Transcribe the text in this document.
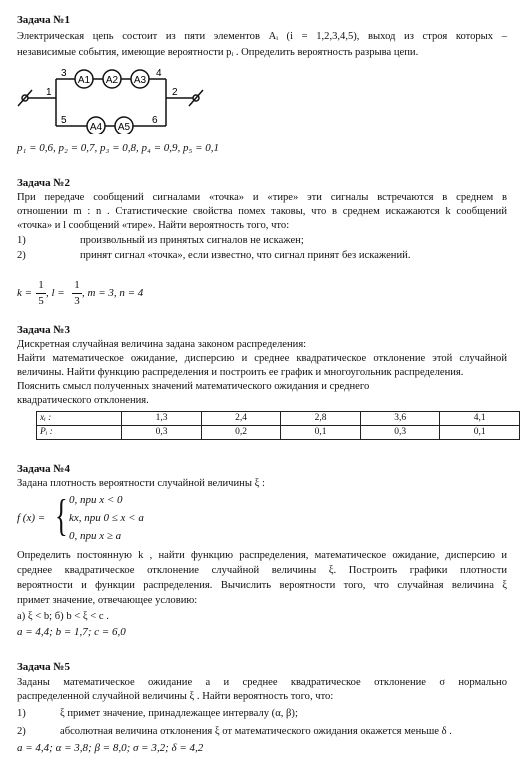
Задача №1
Электрическая цепь состоит из пяти элементов Aᵢ (i = 1,2,3,4,5), выход из строя которых –
независимые события, имеющие вероятности pᵢ . Определить вероятность разрыва цепи.
A1 A2 A3
A4 A5
1	2
3	4
5	6
p₁ = 0,6, p₂ = 0,7, p₃ = 0,8, p₄ = 0,9, p₅ = 0,1
Задача №2
При передаче сообщений сигналами «точка» и «тире» эти сигналы встречаются в среднем в
отношении m : n . Статистические свойства помех таковы, что в среднем искажаются k сообщений
«точка» и l сообщений «тире». Найти вероятность того, что:
1)	произвольный из принятых сигналов не искажен;
2)	принят сигнал «точка», если известно, что сигнал принят без искажений.
k =
1
5
, l =
1
3
, m = 3, n = 4
Задача №3
Дискретная случайная величина задана законом распределения:
Найти математическое ожидание, дисперсию и среднее квадратическое отклонение этой случайной
величины. Найти функцию распределения и построить ее график и многоугольник распределения.
Пояснить смысл полученных значений математического ожидания и среднего
квадратического отклонения.
xᵢ :	1,3	2,4	2,8	3,6	4,1
Pᵢ :	0,3	0,2	0,1	0,3	0,1
Задача №4
Задана плотность вероятности случайной величины ξ :
f (x) = { 0, при x < 0
kx, при 0 ≤ x < a
0, при x ≥ a
Определить постоянную k , найти функцию распределения, математическое ожидание, дисперсию и
среднее квадратическое отклонение случайной величины ξ. Построить графики плотности
вероятности и функции распределения. Вычислить вероятности того, что случайная величина ξ
примет значение, отвечающее условию:
а) ξ < b; б) b < ξ < c .
a = 4,4; b = 1,7; c = 6,0
Задача №5
Заданы математическое ожидание a и среднее квадратическое отклонение σ нормально
распределенной случайной величины ξ . Найти вероятность того, что:
1)	ξ примет значение, принадлежащее интервалу (α, β);
2)	абсолютная величина отклонения ξ от математического ожидания окажется меньше δ .
a = 4,4; α = 3,8; β = 8,0; σ = 3,2; δ = 4,2
